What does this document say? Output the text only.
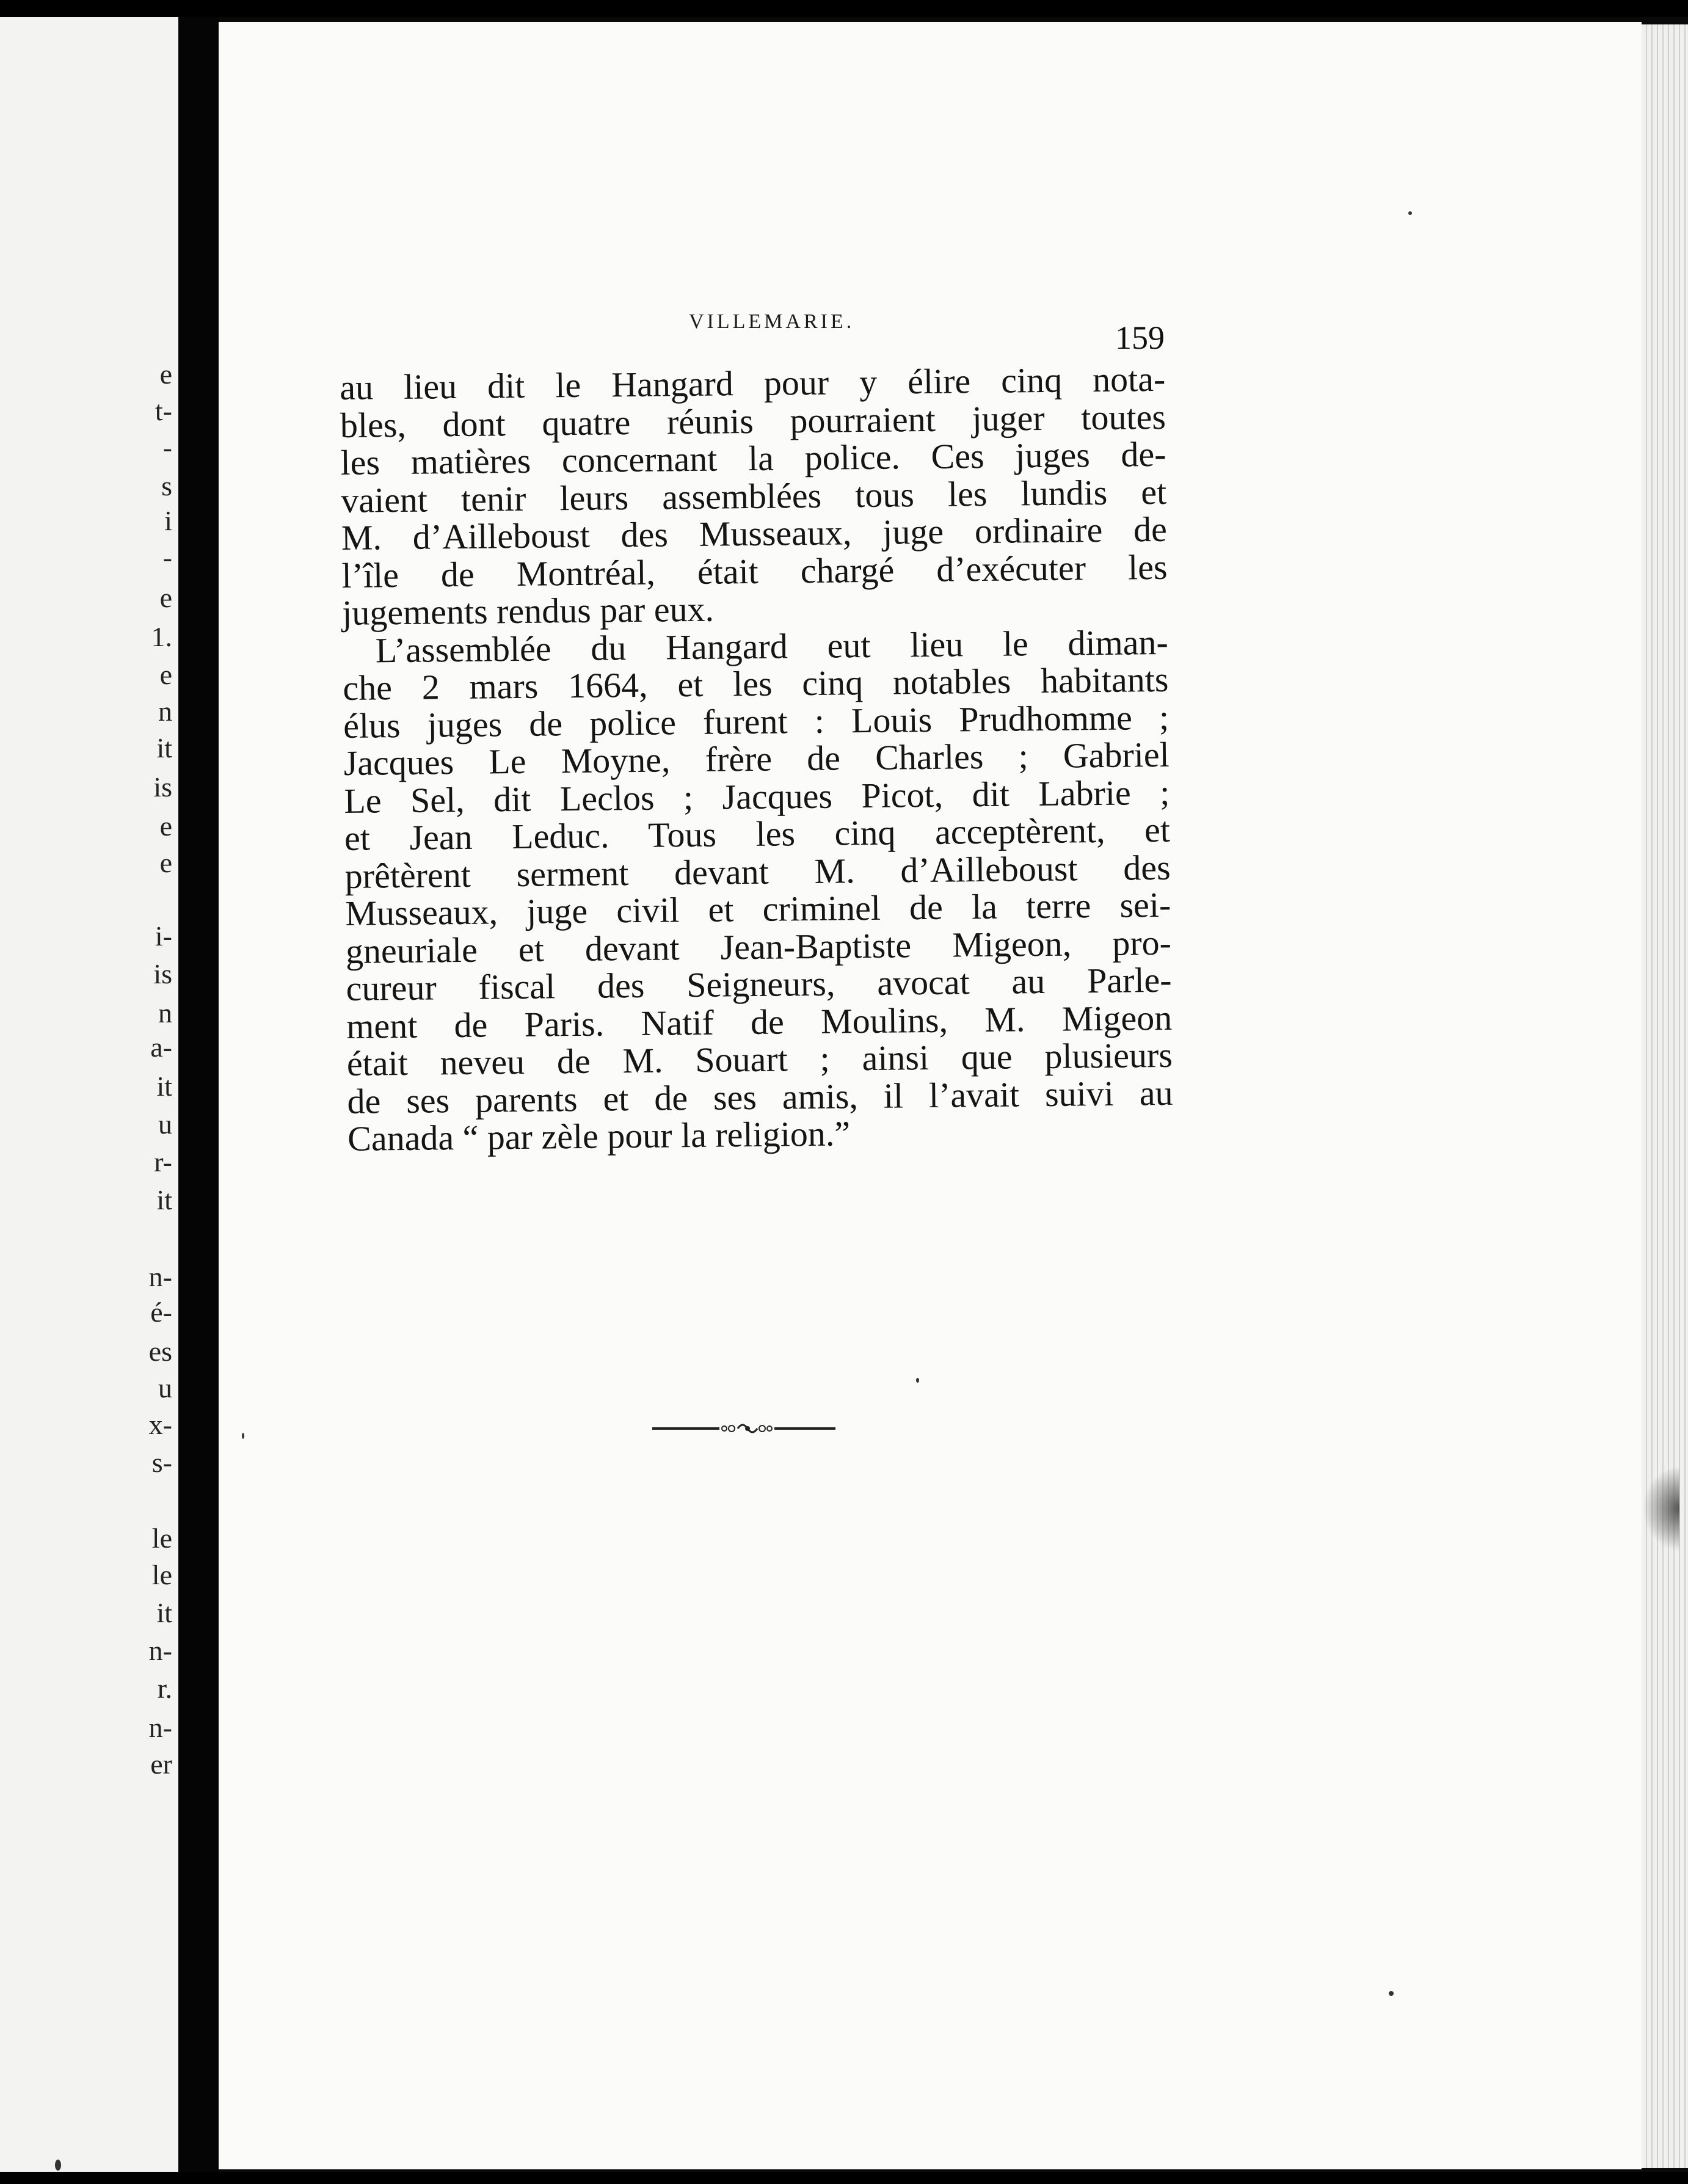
e

t-

-

s

i

-

e

1.

e

n

it

is

e

e

i-

is

n

a-

it

u

r-

it

n-

é-

es

u

x-

s-

le

le

it

n-

r.

n-

er

VILLEMARIE.	159

au lieu dit le Hangard pour y élire cinq nota-
bles, dont quatre réunis pourraient juger toutes
les matières concernant la police. Ces juges de-
vaient tenir leurs assemblées tous les lundis et
M. d’Ailleboust des Musseaux, juge ordinaire de
l’île de Montréal, était chargé d’exécuter les
jugements rendus par eux.

L’assemblée du Hangard eut lieu le diman-
che 2 mars 1664, et les cinq notables habitants
élus juges de police furent : Louis Prudhomme ;
Jacques Le Moyne, frère de Charles ; Gabriel
Le Sel, dit Leclos ; Jacques Picot, dit Labrie ;
et Jean Leduc. Tous les cinq acceptèrent, et
prêtèrent serment devant M. d’Ailleboust des
Musseaux, juge civil et criminel de la terre sei-
gneuriale et devant Jean-Baptiste Migeon, pro-
cureur fiscal des Seigneurs, avocat au Parle-
ment de Paris. Natif de Moulins, M. Migeon
était neveu de M. Souart ; ainsi que plusieurs
de ses parents et de ses amis, il l’avait suivi au
Canada “ par zèle pour la religion.”
